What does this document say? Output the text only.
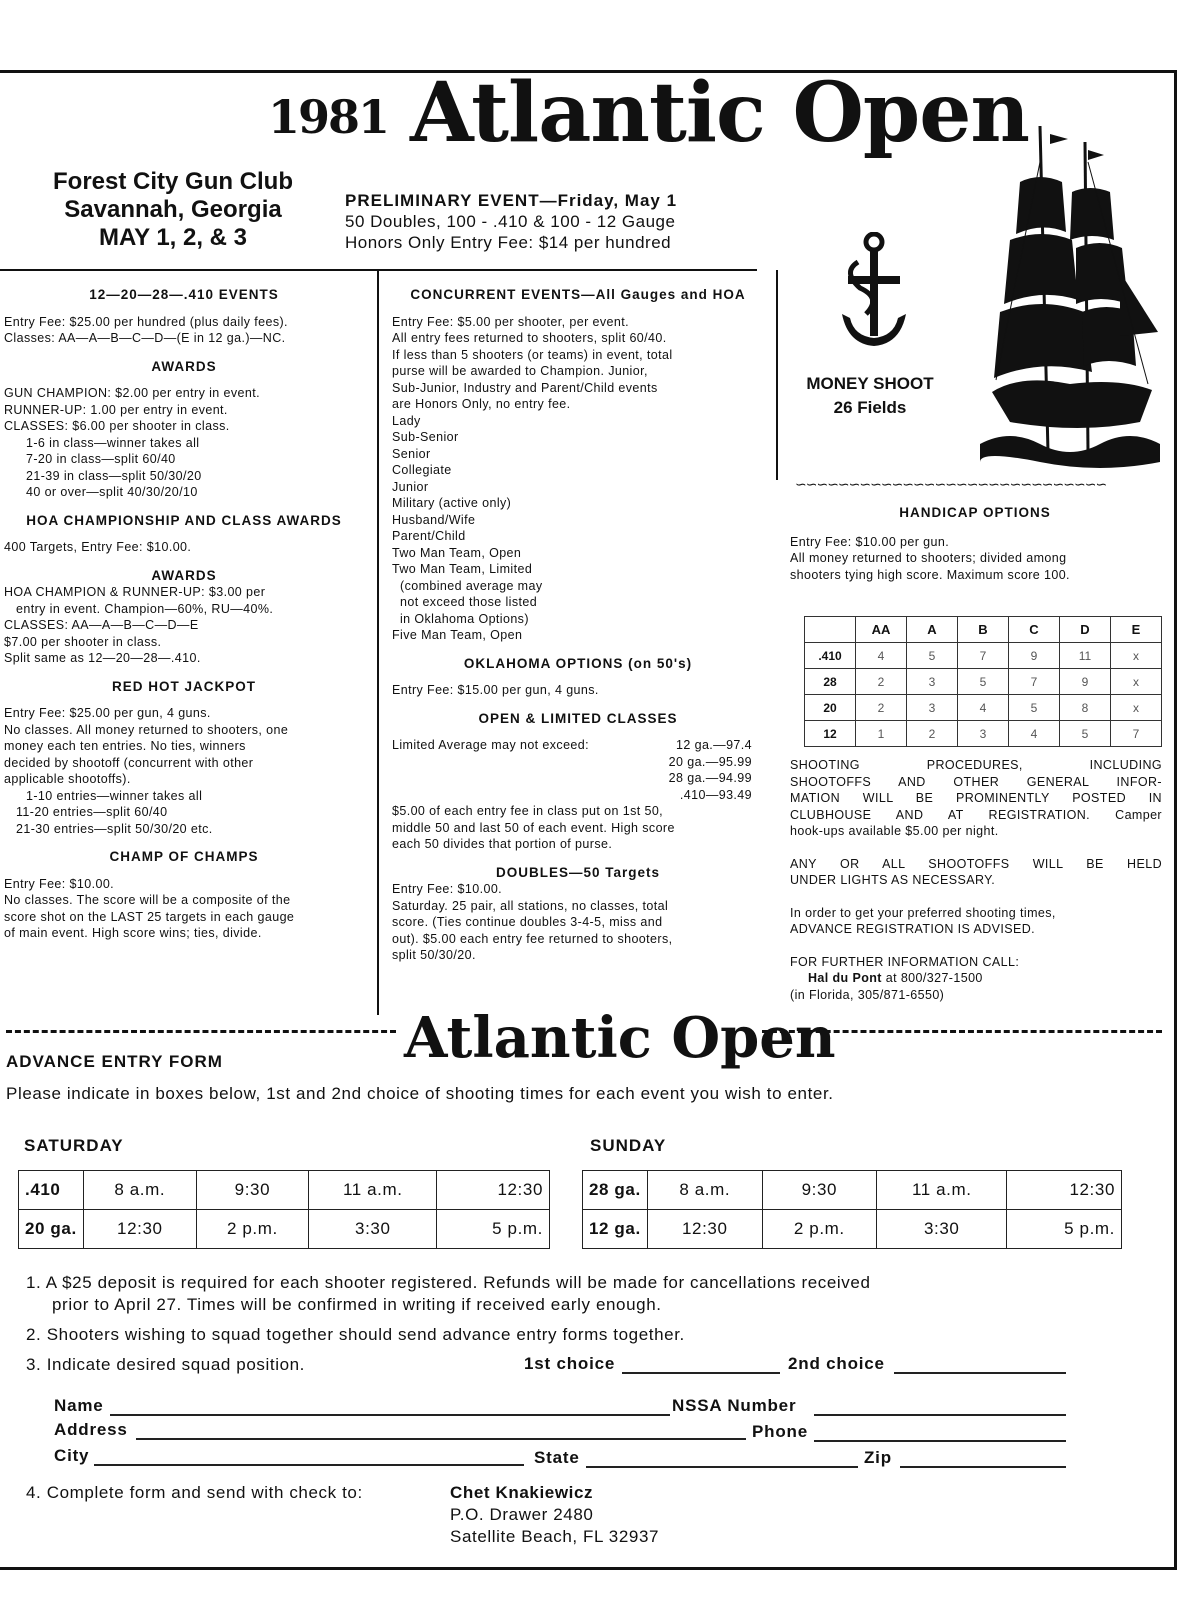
1981 Atlantic Open
Forest City Gun Club
Savannah, Georgia
MAY 1, 2, & 3
PRELIMINARY EVENT—Friday, May 1
50 Doubles, 100 - .410 & 100 - 12 Gauge
Honors Only Entry Fee: $14 per hundred
∽∽∽∽∽∽∽∽∽∽∽∽∽∽∽∽∽∽∽∽∽∽∽∽∽∽∽∽∽
12—20—28—.410 EVENTS

Entry Fee: $25.00 per hundred (plus daily fees).

Classes: AA—A—B—C—D—(E in 12 ga.)—NC.

AWARDS

GUN CHAMPION: $2.00 per entry in event.

RUNNER-UP: 1.00 per entry in event.

CLASSES: $6.00 per shooter in class.

1-6 in class—winner takes all

7-20 in class—split 60/40

21-39 in class—split 50/30/20

40 or over—split 40/30/20/10

HOA CHAMPIONSHIP AND CLASS AWARDS

400 Targets, Entry Fee: $10.00.

AWARDS

HOA CHAMPION & RUNNER-UP: $3.00 per

entry in event. Champion—60%, RU—40%.

CLASSES: AA—A—B—C—D—E

$7.00 per shooter in class.

Split same as 12—20—28—.410.

RED HOT JACKPOT

Entry Fee: $25.00 per gun, 4 guns.

No classes. All money returned to shooters, one

money each ten entries. No ties, winners

decided by shootoff (concurrent with other

applicable shootoffs).

1-10 entries—winner takes all

11-20 entries—split 60/40

21-30 entries—split 50/30/20 etc.

CHAMP OF CHAMPS

Entry Fee: $10.00.

No classes. The score will be a composite of the

score shot on the LAST 25 targets in each gauge

of main event. High score wins; ties, divide.

CONCURRENT EVENTS—All Gauges and HOA

Entry Fee: $5.00 per shooter, per event.

All entry fees returned to shooters, split 60/40.

If less than 5 shooters (or teams) in event, total

purse will be awarded to Champion. Junior,

Sub-Junior, Industry and Parent/Child events

are Honors Only, no entry fee.

Lady

Sub-Senior

Senior

Collegiate

Junior

Military (active only)

Husband/Wife

Parent/Child

Two Man Team, Open

Two Man Team, Limited

(combined average may

not exceed those listed

in Oklahoma Options)

Five Man Team, Open

OKLAHOMA OPTIONS (on 50's)

Entry Fee: $15.00 per gun, 4 guns.

OPEN & LIMITED CLASSES
Limited Average may not exceed:	12 ga.—97.4

20 ga.—95.99

28 ga.—94.99

.410—93.49

$5.00 of each entry fee in class put on 1st 50,

middle 50 and last 50 of each event. High score

each 50 divides that portion of purse.

DOUBLES—50 Targets

Entry Fee: $10.00.

Saturday. 25 pair, all stations, no classes, total

score. (Ties continue doubles 3-4-5, miss and

out). $5.00 each entry fee returned to shooters,

split 50/30/20.

MONEY SHOOT
26 Fields
HANDICAP OPTIONS

Entry Fee: $10.00 per gun.

All money returned to shooters; divided among

shooters tying high score. Maximum score 100.

	AA	A	B	C	D	E
.410	4	5	7	9	11	x
28	2	3	5	7	9	x
20	2	3	4	5	8	x
12	1	2	3	4	5	7

SHOOTING PROCEDURES, INCLUDING

SHOOTOFFS AND OTHER GENERAL INFOR-

MATION WILL BE PROMINENTLY POSTED IN

CLUBHOUSE AND AT REGISTRATION. Camper

hook-ups available $5.00 per night.

ANY OR ALL SHOOTOFFS WILL BE HELD

UNDER LIGHTS AS NECESSARY.

In order to get your preferred shooting times,

ADVANCE REGISTRATION IS ADVISED.

FOR FURTHER INFORMATION CALL:

Hal du Pont at 800/327-1500

(in Florida, 305/871-6550)

Atlantic Open
ADVANCE ENTRY FORM
Please indicate in boxes below, 1st and 2nd choice of shooting times for each event you wish to enter.
SATURDAY	SUNDAY
.410	8 a.m.	9:30	11 a.m.	12:30
20 ga.	12:30	2 p.m.	3:30	5 p.m.
28 ga.	8 a.m.	9:30	11 a.m.	12:30
12 ga.	12:30	2 p.m.	3:30	5 p.m.
1. A $25 deposit is required for each shooter registered. Refunds will be made for cancellations received
prior to April 27. Times will be confirmed in writing if received early enough.
2. Shooters wishing to squad together should send advance entry forms together.
3. Indicate desired squad position.	1st choice	2nd choice
Name	NSSA Number
Address	Phone
City	State	Zip
4. Complete form and send with check to:	Chet Knakiewicz
P.O. Drawer 2480
Satellite Beach, FL 32937
